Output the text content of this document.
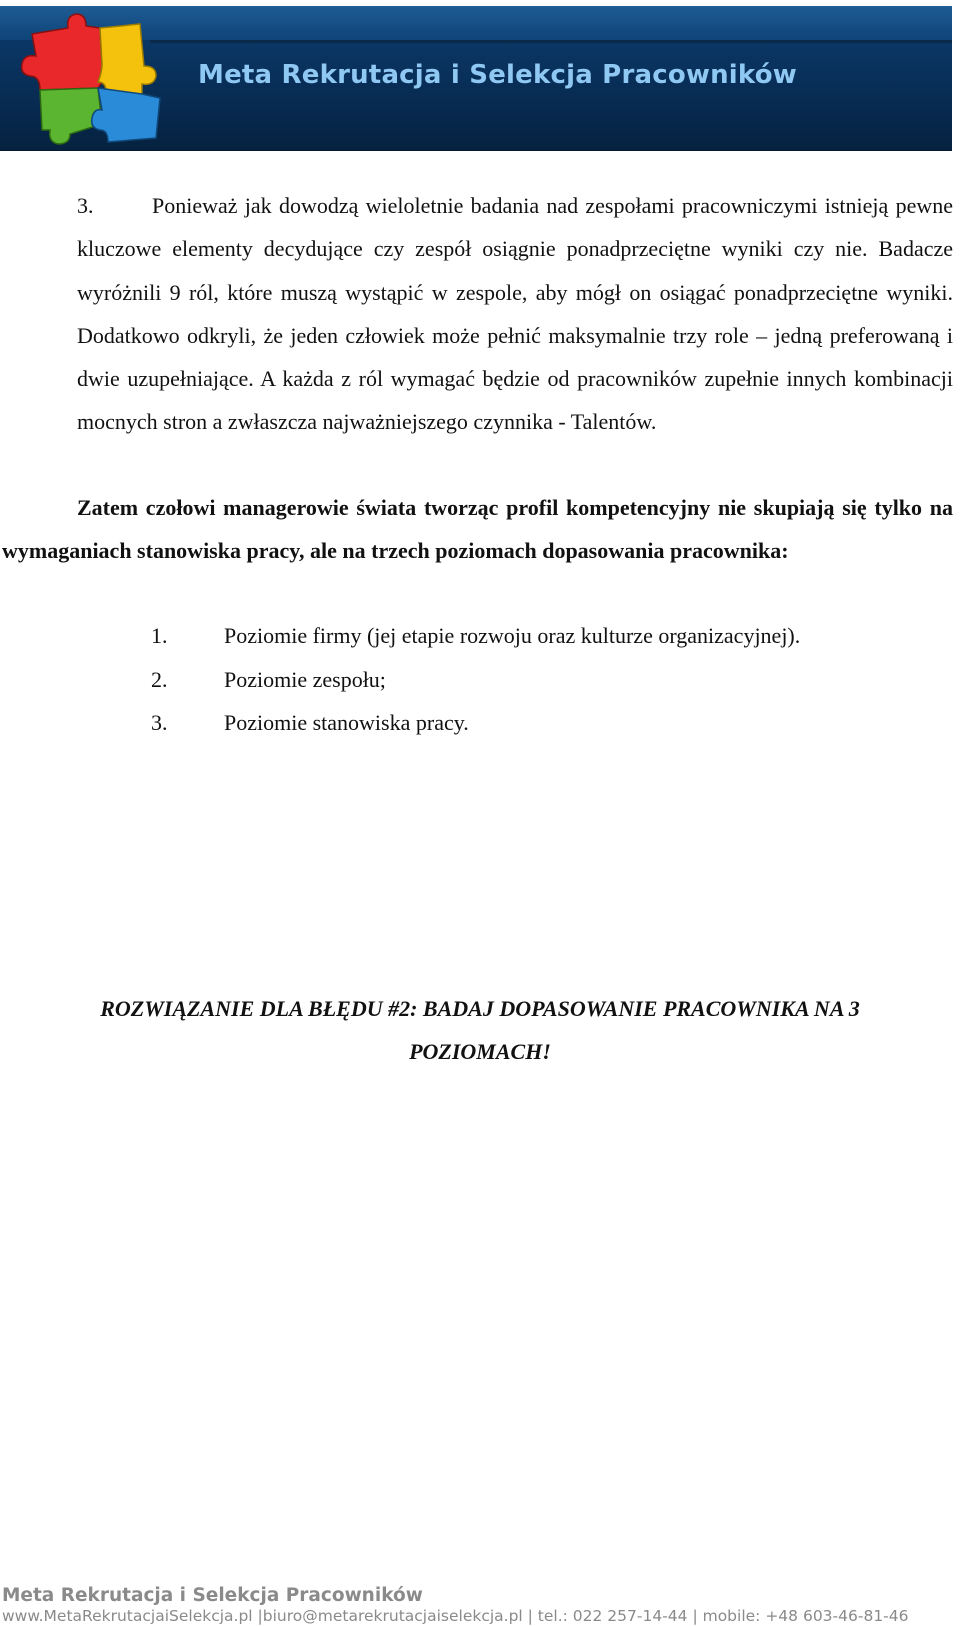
Meta Rekrutacja i Selekcja Pracowników

3.	Ponieważ jak dowodzą wieloletnie badania nad zespołami pracowniczymi istnieją pewne kluczowe elementy decydujące czy zespół osiągnie ponadprzeciętne wyniki czy nie. Badacze wyróżnili 9 ról, które muszą wystąpić w zespole, aby mógł on osiągać ponadprzeciętne wyniki. Dodatkowo odkryli, że jeden człowiek może pełnić maksymalnie trzy role – jedną preferowaną i dwie uzupełniające. A każda z ról wymagać będzie od pracowników zupełnie innych kombinacji mocnych stron a zwłaszcza najważniejszego czynnika - Talentów.

Zatem czołowi managerowie świata tworząc profil kompetencyjny nie skupiają się tylko na wymaganiach stanowiska pracy, ale na trzech poziomach dopasowania pracownika:

1.	Poziomie firmy (jej etapie rozwoju oraz kulturze organizacyjnej).
2.	Poziomie zespołu;
3.	Poziomie stanowiska pracy.

ROZWIĄZANIE DLA BŁĘDU #2: BADAJ DOPASOWANIE PRACOWNIKA NA 3
POZIOMACH!

Meta Rekrutacja i Selekcja Pracowników
www.MetaRekrutacjaiSelekcja.pl |biuro@metarekrutacjaiselekcja.pl | tel.: 022 257-14-44 | mobile: +48 603-46-81-46
